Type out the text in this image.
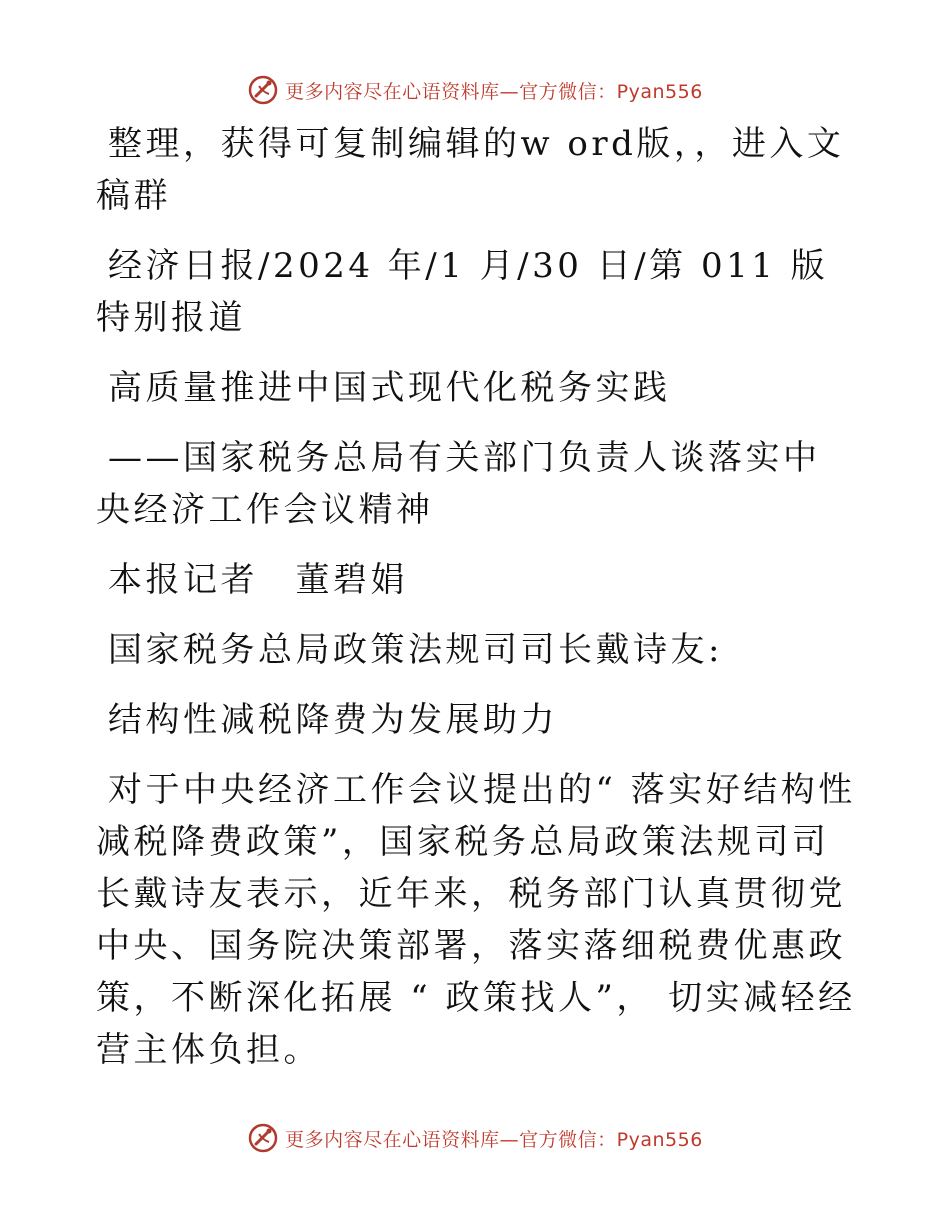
更多内容尽在心语资料库—官方微信：Pyan556

整理，获得可复制编辑的w ord版，，进入文稿群

经济日报/2024 年/1 月/30 日/第 011 版特别报道

高质量推进中国式现代化税务实践

——国家税务总局有关部门负责人谈落实中央经济工作会议精神

本报记者　董碧娟

国家税务总局政策法规司司长戴诗友:

结构性减税降费为发展助力

对于中央经济工作会议提出的“ 落实好结构性减税降费政策”，国家税务总局政策法规司司长戴诗友表示，近年来，税务部门认真贯彻党中央、国务院决策部署，落实落细税费优惠政策，不断深化拓展 “ 政策找人”， 切实减轻经营主体负担。

更多内容尽在心语资料库—官方微信：Pyan556
